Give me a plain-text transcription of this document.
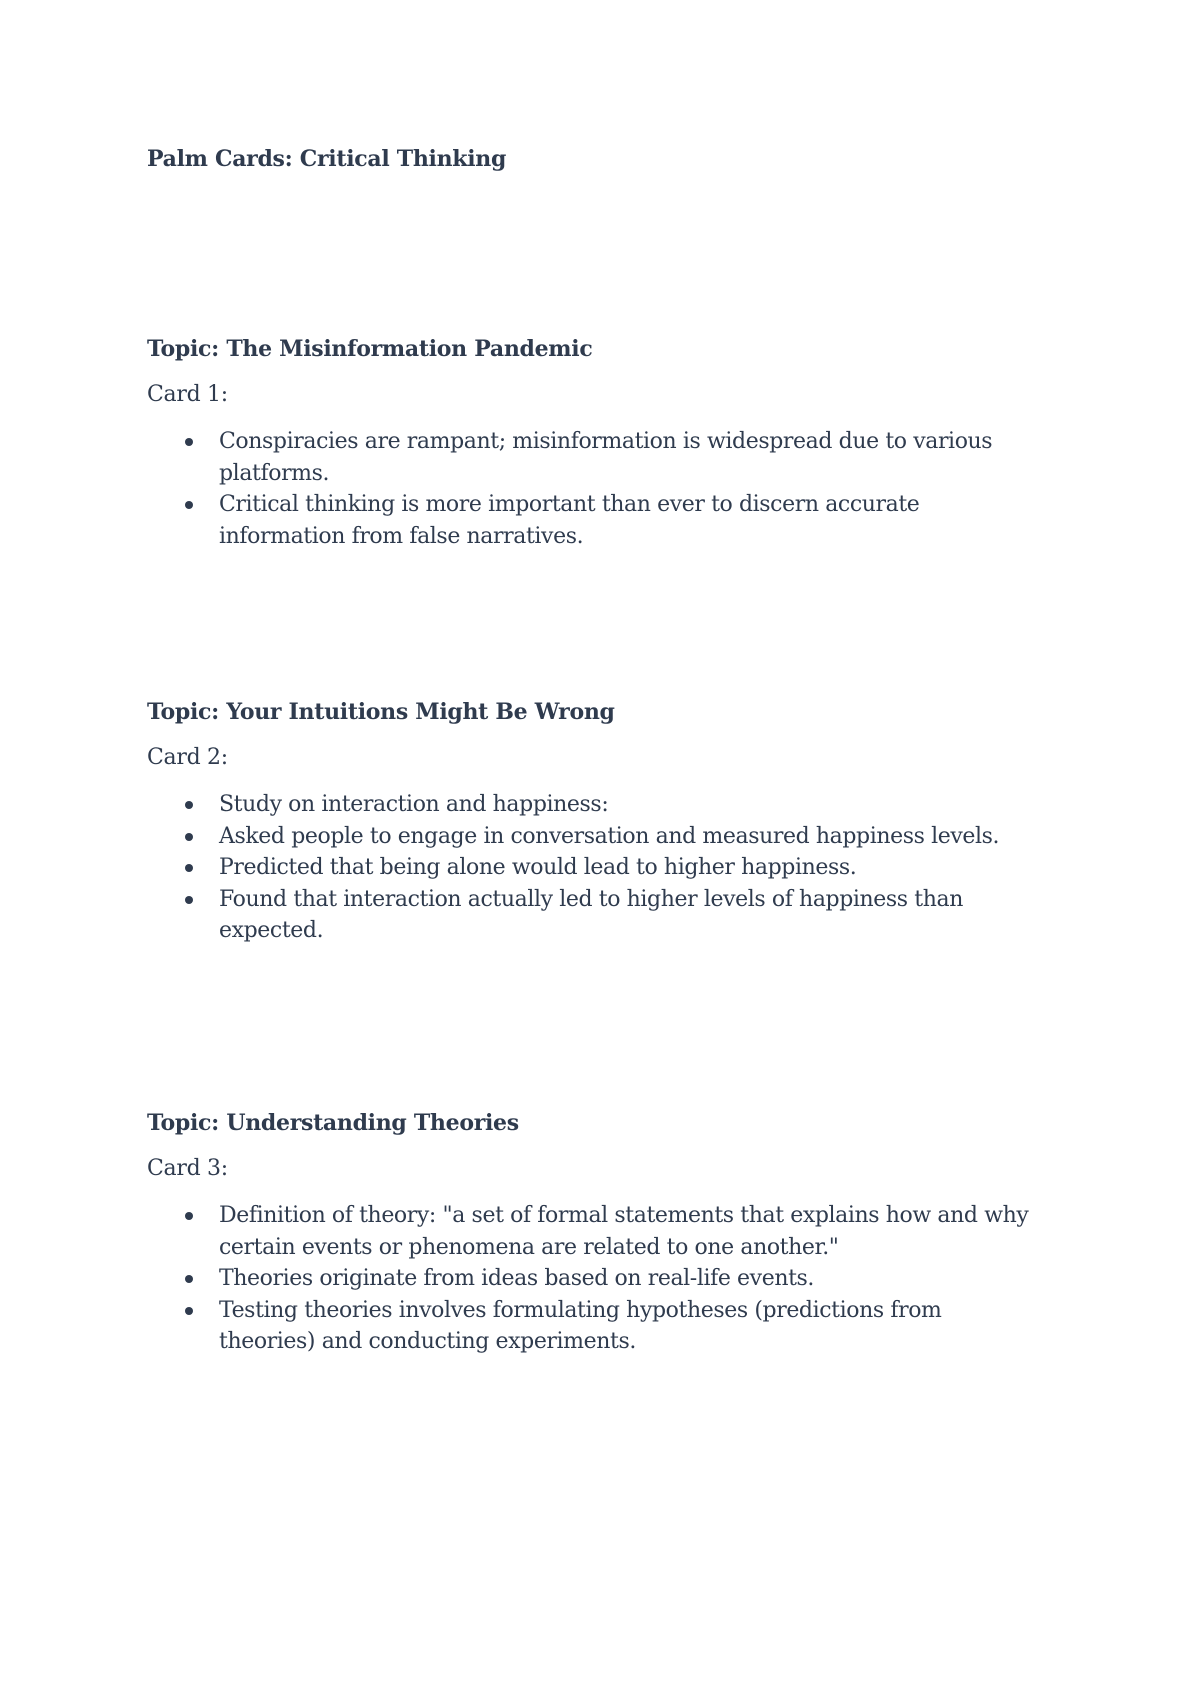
Palm Cards: Critical Thinking
Topic: The Misinformation Pandemic

Card 1:

Conspiracies are rampant; misinformation is widespread due to various platforms.
Critical thinking is more important than ever to discern accurate information from false narratives.
Topic: Your Intuitions Might Be Wrong

Card 2:

Study on interaction and happiness:
Asked people to engage in conversation and measured happiness levels.
Predicted that being alone would lead to higher happiness.
Found that interaction actually led to higher levels of happiness than expected.
Topic: Understanding Theories

Card 3:

Definition of theory: "a set of formal statements that explains how and why certain events or phenomena are related to one another."
Theories originate from ideas based on real-life events.
Testing theories involves formulating hypotheses (predictions from theories) and conducting experiments.
